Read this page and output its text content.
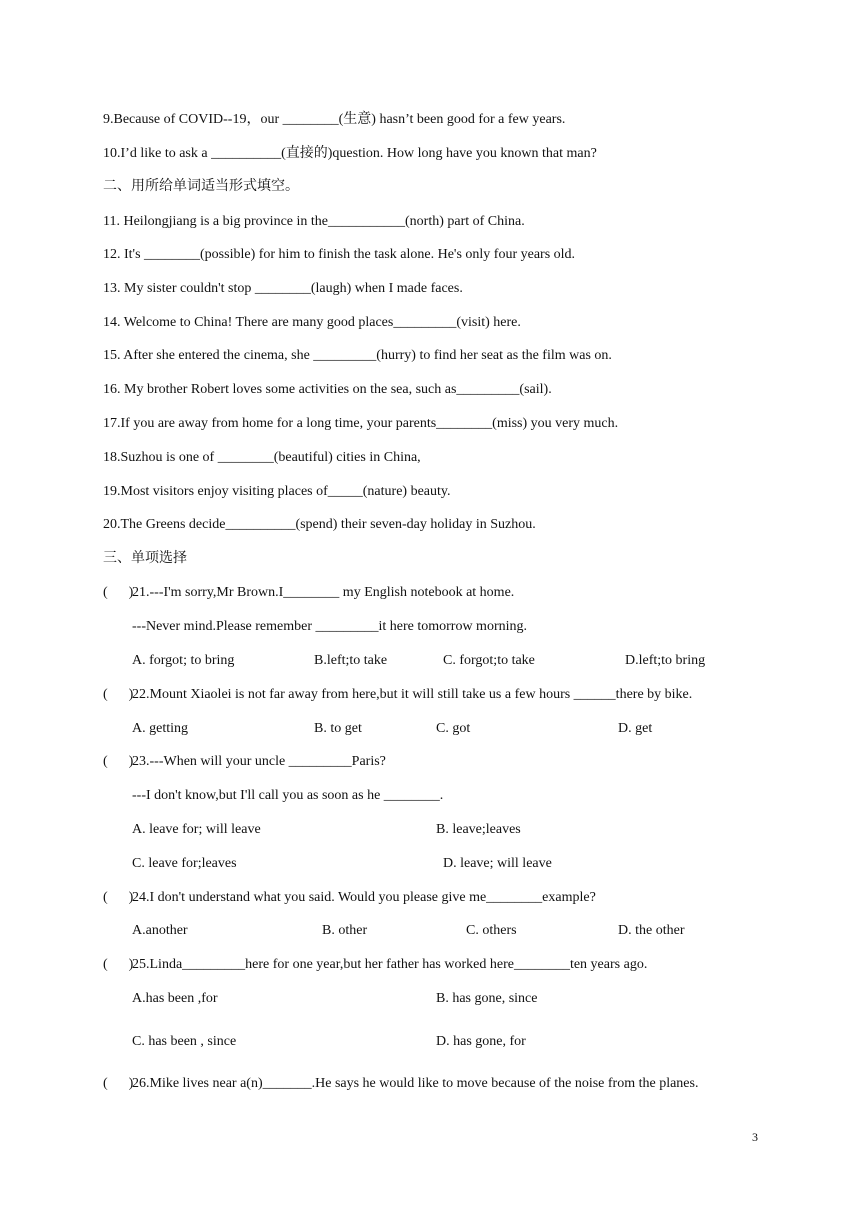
9.Because of COVID--19，our ________(生意) hasn’t been good for a few years.
10.I’d like to ask a __________(直接的)question. How long have you known that man?
二、用所给单词适当形式填空。
11. Heilongjiang is a big province in the___________(north) part of China.
12. It's ________(possible) for him to finish the task alone. He's only four years old.
13. My sister couldn't stop ________(laugh) when I made faces.
14. Welcome to China! There are many good places_________(visit) here.
15. After she entered the cinema, she _________(hurry) to find her seat as the film was on.
16. My brother Robert loves some activities on the sea, such as_________(sail).
17.If you are away from home for a long time, your parents________(miss) you very much.
18.Suzhou is one of ________(beautiful) cities in China,
19.Most visitors enjoy visiting places of_____(nature) beauty.
20.The Greens decide__________(spend) their seven-day holiday in Suzhou.
三、单项选择
(      )
21.---I'm sorry,Mr Brown.I________ my English notebook at home.
---Never mind.Please remember _________it here tomorrow morning.
A. forgot; to bring	B.left;to take	C. forgot;to take	D.left;to bring
(      )
22.Mount Xiaolei is not far away from here,but it will still take us a few hours ______there by bike.
A. getting	B. to get	C. got	D. get
(      )
23.---When will your uncle _________Paris?
---I don't know,but I'll call you as soon as he ________.
A. leave for; will leave	B. leave;leaves
C. leave for;leaves	D. leave; will leave
(      )
24.I don't understand what you said. Would you please give me________example?
A.another	B. other	C. others	D. the other
(      )
25.Linda_________here for one year,but her father has worked here________ten years ago.
A.has been ,for	B. has gone, since
C. has been , since	D. has gone, for
(      )
26.Mike lives near a(n)_______.He says he would like to move because of the noise from the planes.
3
